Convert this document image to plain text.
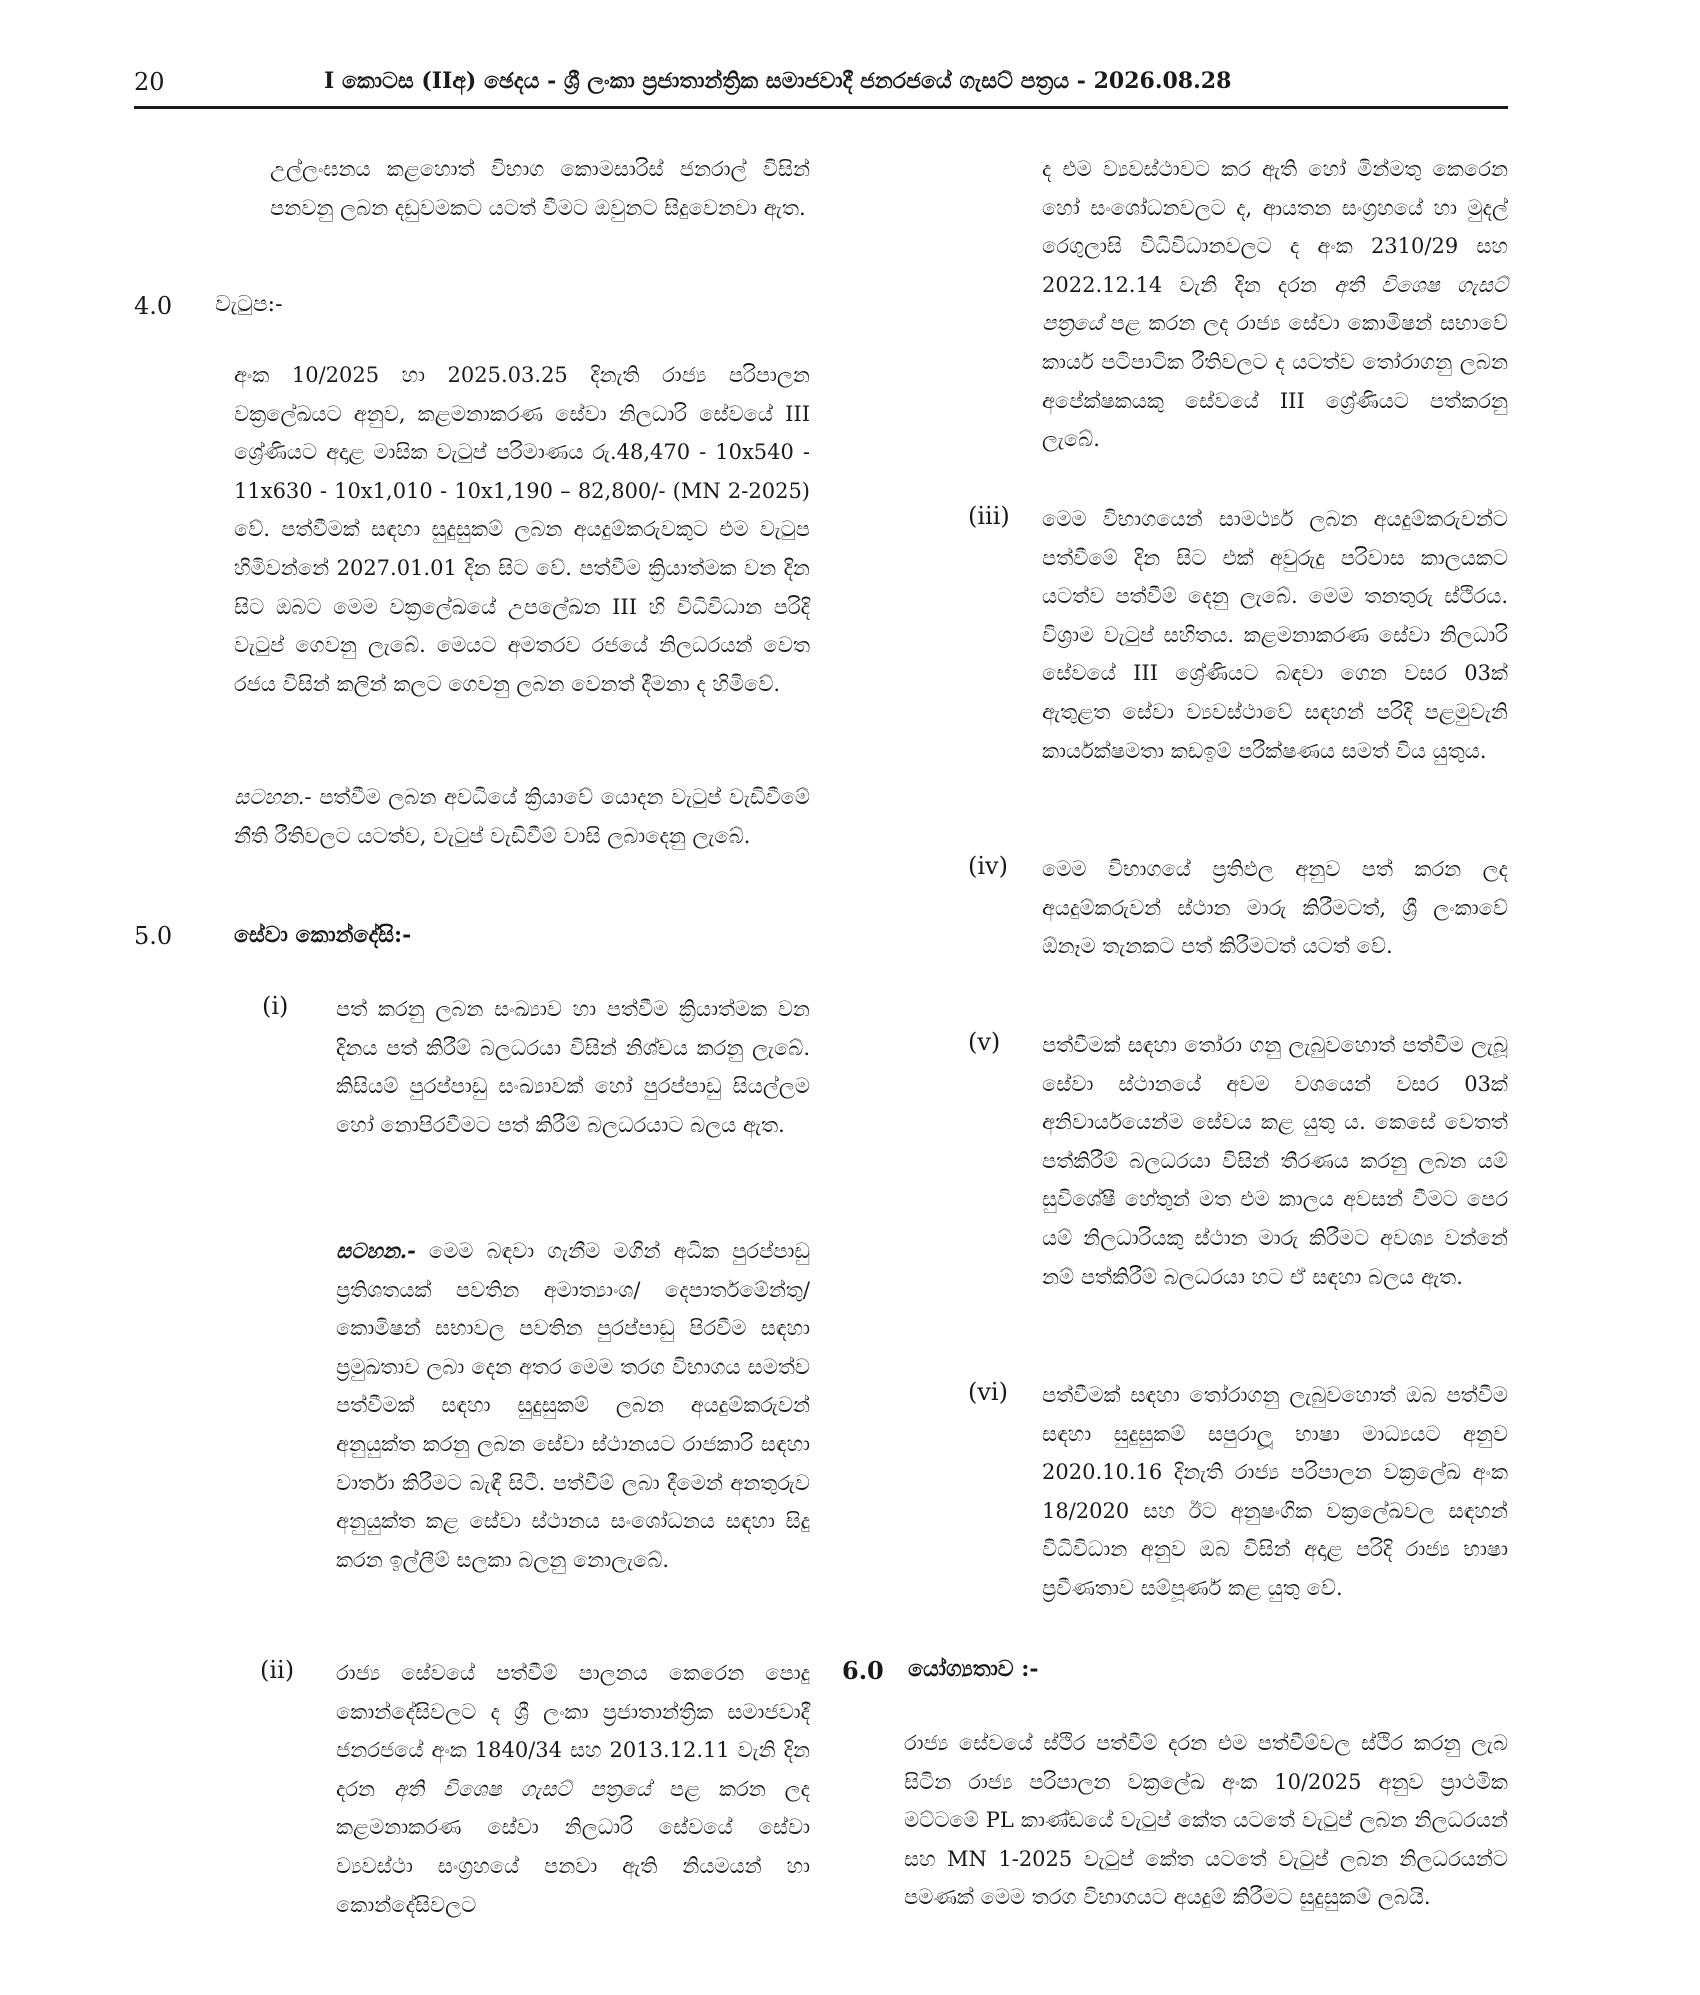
20	I කොටස (IIඅ) ඡෙදය - ශ්‍රී ලංකා ප්‍රජාතාන්ත්‍රික සමාජවාදී ජනරජයේ ගැසට් පත්‍රය - 2026.08.28

උල්ලංඝනය කළහොත් විභාග කොමසාරිස් ජනරාල් විසින් පනවනු ලබන දඩුවමකට යටත් වීමට ඔවුනට සිදුවෙනවා ඇත.

4.0 වැටුප:-

අංක 10/2025 හා 2025.03.25 දිනැති රාජ්‍ය පරිපාලන වක්‍රලේඛයට අනුව, කළමනාකරණ සේවා නිලධාරි සේවයේ III ශ්‍රේණියට අදාළ මාසික වැටුප් පරිමාණය රු.48,470 - 10x540 - 11x630 - 10x1,010 - 10x1,190 – 82,800/- (MN 2-2025) වේ. පත්වීමක් සඳහා සුදුසුකම් ලබන අයදුම්කරුවකුට එම වැටුප හිමිවන්නේ 2027.01.01 දින සිට වේ. පත්වීම ක්‍රියාත්මක වන දින සිට ඔබට මෙම වක්‍රලේඛයේ උපලේඛන III හි විධිවිධාන පරිදි වැටුප් ගෙවනු ලැබේ. මෙයට අමතරව රජයේ නිලධරයන් වෙත රජය විසින් කලින් කලට ගෙවනු ලබන වෙනත් දීමනා ද හිමිවේ.

සටහන.- පත්වීම ලබන අවධියේ ක්‍රියාවේ යොදන වැටුප් වැඩිවීමේ නීති රීතිවලට යටත්ව, වැටුප් වැඩිවීම් වාසි ලබාදෙනු ලැබේ.

5.0	සේවා කොන්දේසි:-
(i) පත් කරනු ලබන සංඛ්‍යාව හා පත්වීම ක්‍රියාත්මක වන දිනය පත් කිරීම් බලධරයා විසින් නිශ්චය කරනු ලැබේ. කිසියම් පුරප්පාඩු සංඛ්‍යාවක් හෝ පුරප්පාඩු සියල්ලම හෝ නොපිරවීමට පත් කිරීම් බලධරයාට බලය ඇත.

සටහන.- මෙම බඳවා ගැනීම මගින් අධික පුරප්පාඩු ප්‍රතිශතයක් පවතින අමාත්‍යාංශ/ දෙපාර්තමේන්තු/කොමිෂන් සභාවල පවතින පුරප්පාඩු පිරවීම සඳහා ප්‍රමුඛතාව ලබා දෙන අතර මෙම තරග විභාගය සමත්ව පත්වීමක් සඳහා සුදුසුකම් ලබන අයදුම්කරුවන් අනුයුක්ත කරනු ලබන සේවා ස්ථානයට රාජකාරි සඳහා වාර්තා කිරීමට බැඳී සිටී. පත්වීම් ලබා දීමෙන් අනතුරුව අනුයුක්ත කළ සේවා ස්ථානය සංශෝධනය සඳහා සිදු කරන ඉල්ලීම් සලකා බලනු නොලැබේ.

(ii) රාජ්‍ය සේවයේ පත්වීම් පාලනය කෙරෙන පොදු කොන්දේසිවලට ද ශ්‍රී ලංකා ප්‍රජාතාන්ත්‍රික සමාජවාදී ජනරජයේ අංක 1840/34 සහ 2013.12.11 වැනි දින දරන අති විශෙෂ ගැසට් පත්‍රයේ පළ කරන ලද කළමනාකරණ සේවා නිලධාරි සේවයේ සේවා ව්‍යවස්ථා සංග්‍රහයේ පනවා ඇති නියමයන් හා කොන්දේසිවලට

ද එම ව්‍යවස්ථාවට කර ඇති හෝ මින්මතු කෙරෙන හෝ සංශෝධනවලට ද, ආයතන සංග්‍රහයේ හා මුදල් රෙගුලාසි විධිවිධානවලට ද අංක 2310/29 සහ 2022.12.14 වැනි දින දරන අති විශෙෂ ගැසට් පත්‍රයේ පළ කරන ලද රාජ්‍ය සේවා කොමිෂන් සභාවේ කාර්ය පටිපාටික රීතිවලට ද යටත්ව තෝරාගනු ලබන අපේක්ෂකයකු සේවයේ III ශ්‍රේණියට පත්කරනු ලැබේ.

(iii) මෙම විභාගයෙන් සාමර්ථ්‍ය ලබන අයදුම්කරුවන්ට පත්වීමේ දින සිට එක් අවුරුදු පරිවාස කාලයකට යටත්ව පත්වීම් දෙනු ලැබේ. මෙම තනතුරු ස්ථිරය. විශ්‍රාම වැටුප් සහිතය. කළමනාකරණ සේවා නිලධාරි සේවයේ III ශ්‍රේණියට බඳවා ගෙන වසර 03ක් ඇතුළත සේවා ව්‍යවස්ථාවේ සඳහන් පරිදි පළමුවැනි කාර්යක්ෂමතා කඩඉම් පරීක්ෂණය සමත් විය යුතුය.

(iv) මෙම විභාගයේ ප්‍රතිඵල අනුව පත් කරන ලද අයදුම්කරුවන් ස්ථාන මාරු කිරීමටත්, ශ්‍රී ලංකාවේ ඕනෑම තැනකට පත් කිරීමටත් යටත් වේ.

(v) පත්වීමක් සඳහා තෝරා ගනු ලැබුවහොත් පත්වීම ලැබූ සේවා ස්ථානයේ අවම වශයෙන් වසර 03ක් අනිවාර්යයෙන්ම සේවය කළ යුතු ය. කෙසේ වෙතත් පත්කිරීම් බලධරයා විසින් තීරණය කරනු ලබන යම් සුවිශේෂී හේතුන් මත එම කාලය අවසන් වීමට පෙර යම් නිලධාරියකු ස්ථාන මාරු කිරීමට අවශ්‍ය වන්නේ නම් පත්කිරීම් බලධරයා හට ඒ සඳහා බලය ඇත.

(vi) පත්වීමක් සඳහා තෝරාගනු ලැබුවහොත් ඔබ පත්වීම සඳහා සුදුසුකම් සපුරාලූ භාෂා මාධ්‍යයට අනුව 2020.10.16 දිනැති රාජ්‍ය පරිපාලන වක්‍රලේඛ අංක 18/2020 සහ ඊට අනුෂංගික වක්‍රලේඛවල සඳහන් විධිවිධාන අනුව ඔබ විසින් අදාළ පරිදි රාජ්‍ය භාෂා ප්‍රවීණතාව සම්පූර්ණ කළ යුතු වේ.

6.0 යෝග්‍යතාව :-

රාජ්‍ය සේවයේ ස්ථිර පත්වීම් දරන එම පත්වීම්වල ස්ථිර කරනු ලැබ සිටින රාජ්‍ය පරිපාලන වක්‍රලේඛ අංක 10/2025 අනුව ප්‍රාථමික මට්ටමේ PL කාණ්ඩයේ වැටුප් කේත යටතේ වැටුප් ලබන නිලධරයන් සහ MN 1-2025 වැටුප් කේත යටතේ වැටුප් ලබන නිලධරයන්ට පමණක් මෙම තරග විභාගයට අයදුම් කිරීමට සුදුසුකම් ලබයි.
